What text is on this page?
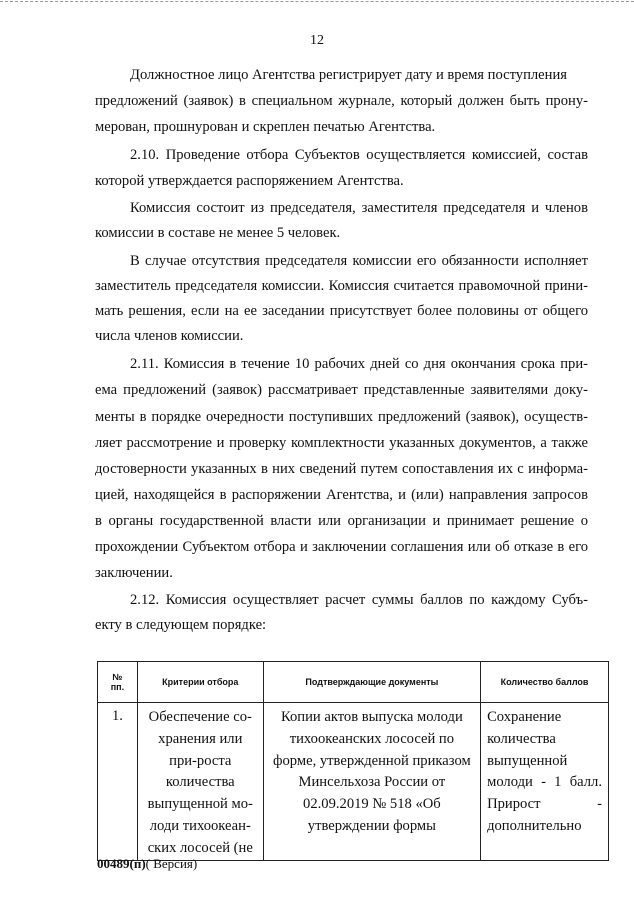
12
Должностное лицо Агентства регистрирует дату и время поступления
предложений (заявок) в специальном журнале, который должен быть прону-
мерован, прошнурован и скреплен печатью Агентства.
2.10. Проведение отбора Субъектов осуществляется комиссией, состав
которой утверждается распоряжением Агентства.
Комиссия состоит из председателя, заместителя председателя и членов
комиссии в составе не менее 5 человек.
В случае отсутствия председателя комиссии его обязанности исполняет
заместитель председателя комиссии. Комиссия считается правомочной прини-
мать решения, если на ее заседании присутствует более половины от общего
числа членов комиссии.
2.11. Комиссия в течение 10 рабочих дней со дня окончания срока при-
ема предложений (заявок) рассматривает представленные заявителями доку-
менты в порядке очередности поступивших предложений (заявок), осуществ-
ляет рассмотрение и проверку комплектности указанных документов, а также
достоверности указанных в них сведений путем сопоставления их с информа-
цией, находящейся в распоряжении Агентства, и (или) направления запросов
в органы государственной власти или организации и принимает решение о
прохождении Субъектом отбора и заключении соглашения или об отказе в его
заключении.
2.12. Комиссия осуществляет расчет суммы баллов по каждому Субъ-
екту в следующем порядке:
№
пп.	Критерии отбора	Подтверждающие документы	Количество баллов
1.	Обеспечение со-хранения или при-роста количества выпущенной мо-лоди тихоокеан-ских лососей (не	Копии актов выпуска молоди тихоокеанских лососей по форме, утвержденной приказом Минсельхоза России от 02.09.2019 № 518 «Об утверждении формы	Сохранение количества выпущенной молоди - 1 балл. Прирост - дополнительно
00489(п)( Версия)
